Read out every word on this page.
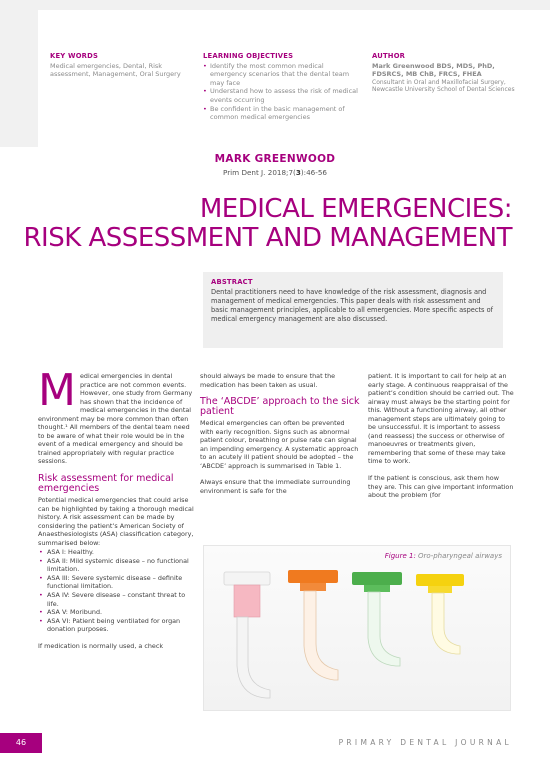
KEY WORDS
Medical emergencies, Dental, Risk assessment, Management, Oral Surgery
LEARNING OBJECTIVES
• Identify the most common medical emergency scenarios that the dental team may face
• Understand how to assess the risk of medical events occurring
• Be confident in the basic management of common medical emergencies
AUTHOR
Mark Greenwood BDS, MDS, PhD, FDSRCS, MB ChB, FRCS, FHEA
Consultant in Oral and Maxillofacial Surgery, Newcastle University School of Dental Sciences
MARK GREENWOOD
Prim Dent J. 2018;7(3):46-56
MEDICAL EMERGENCIES:
RISK ASSESSMENT AND MANAGEMENT
ABSTRACT
Dental practitioners need to have knowledge of the risk assessment, diagnosis and management of medical emergencies. This paper deals with risk assessment and basic management principles, applicable to all emergencies. More specific aspects of medical emergency management are also discussed.

Medical emergencies in dental practice are not common events. However, one study from Germany has shown that the incidence of medical emergencies in the dental environment may be more common than often thought.¹ All members of the dental team need to be aware of what their role would be in the event of a medical emergency and should be trained appropriately with regular practice sessions.

Risk assessment for medical emergencies

Potential medical emergencies that could arise can be highlighted by taking a thorough medical history. A risk assessment can be made by considering the patient’s American Society of Anaesthesiologists (ASA) classification category, summarised below:

• ASA I: Healthy.
• ASA II: Mild systemic disease – no functional limitation.
• ASA III: Severe systemic disease – definite functional limitation.
• ASA IV: Severe disease – constant threat to life.
• ASA V: Moribund.
• ASA VI: Patient being ventilated for organ donation purposes.

If medication is normally used, a check

should always be made to ensure that the medication has been taken as usual.

The ‘ABCDE’ approach to the sick patient

Medical emergencies can often be prevented with early recognition. Signs such as abnormal patient colour, breathing or pulse rate can signal an impending emergency. A systematic approach to an acutely ill patient should be adopted – the ‘ABCDE’ approach is summarised in Table 1.

Always ensure that the immediate surrounding environment is safe for the

patient. It is important to call for help at an early stage. A continuous reappraisal of the patient’s condition should be carried out. The airway must always be the starting point for this. Without a functioning airway, all other management steps are ultimately going to be unsuccessful. It is important to assess (and reassess) the success or otherwise of manoeuvres or treatments given, remembering that some of these may take time to work.

If the patient is conscious, ask them how they are. This can give important information about the problem (for

Figure 1: Oro-pharyngeal airways
46	PRIMARY DENTAL JOURNAL
